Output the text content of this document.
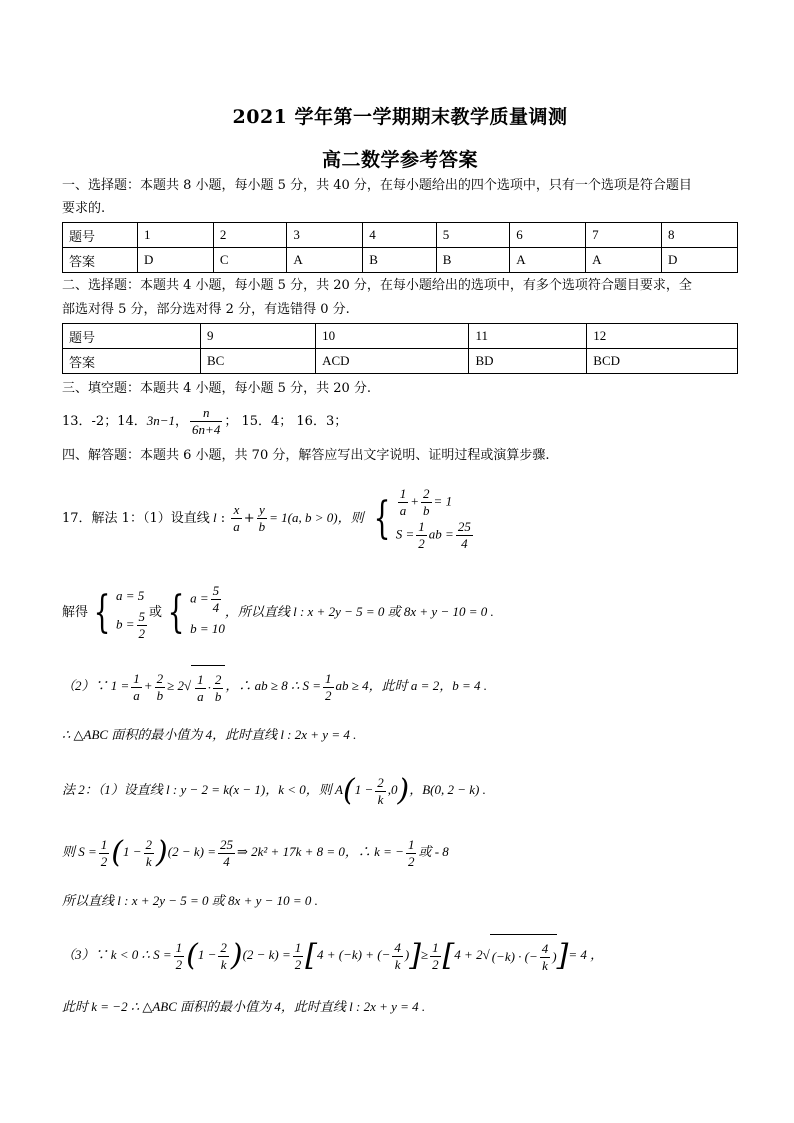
2021 学年第一学期期末教学质量调测
高二数学参考答案
一、选择题：本题共 8 小题，每小题 5 分，共 40 分，在每小题给出的四个选项中，只有一个选项是符合题目
要求的.
题号	1	2	3	4	5	6	7	8
答案	D	C	A	B	B	A	A	D
二、选择题：本题共 4 小题，每小题 5 分，共 20 分，在每小题给出的选项中，有多个选项符合题目要求，全
部选对得 5 分，部分选对得 2 分，有选错得 0 分.
题号	9	10	11	12
答案	BC	ACD	BD	BCD
三、填空题：本题共 4 小题，每小题 5 分，共 20 分.
13．-2；14．3n−1， $\frac{n}{6n+4}$ ； 15．4； 16．3；
四、解答题：本题共 6 小题，共 70 分，解答应写出文字说明、证明过程或演算步骤.
17．解法 1：（1）设直线 l : $\frac{x}{a} + \frac{y}{b} = 1(a$, b > 0)，则 { $\frac{1}{a} + \frac{2}{b} = 1$
$S = \frac{1}{2}$ ab = $\frac{25}{4}$
解得 { a = 5
$b = \frac{5}{2}$ 或 { $a = \frac{5}{4}$
b = 10
，所以直线 l : x + 2y − 5 = 0 或 8x + y − 10 = 0 .
（2）∵ $1 = \frac{1}{a} + \frac{2}{b} \ge 2√ \frac{1}{a} \cdot \frac{2}{b}$ ，∴ ab ≥ 8 ∴ $S = \frac{1}{2}$ ab ≥ 4，此时 a = 2，b = 4 .
∴ △ABC 面积的最小值为 4，此时直线 l : 2x + y = 4 .
法 2：（1）设直线 l : y − 2 = k(x − 1)，k < 0，则 $A(1 - \frac{2}{k} ,0)$，B(0, 2 − k) .
则 $S = \frac{1}{2} (1 - \frac{2}{k} )(2 - k) = \frac{25}{4}$ ⇒ 2k² + 17k + 8 = 0，∴ k = − $\frac{1}{2}$ 或 - 8
所以直线 l : x + 2y − 5 = 0 或 8x + y − 10 = 0 .
（3）∵ k < 0 ∴ $S = \frac{1}{2} (1 - \frac{2}{k} )(2 - k) = \frac{1}{2} [4 + (-k)$ + (− $\frac{4}{k}$ )]≥ $\frac{1}{2} [4 + 2√$ (−k) · (− $\frac{4}{k}$ )]= 4 ，
此时 k = −2 ∴ △ABC 面积的最小值为 4，此时直线 l : 2x + y = 4 .
